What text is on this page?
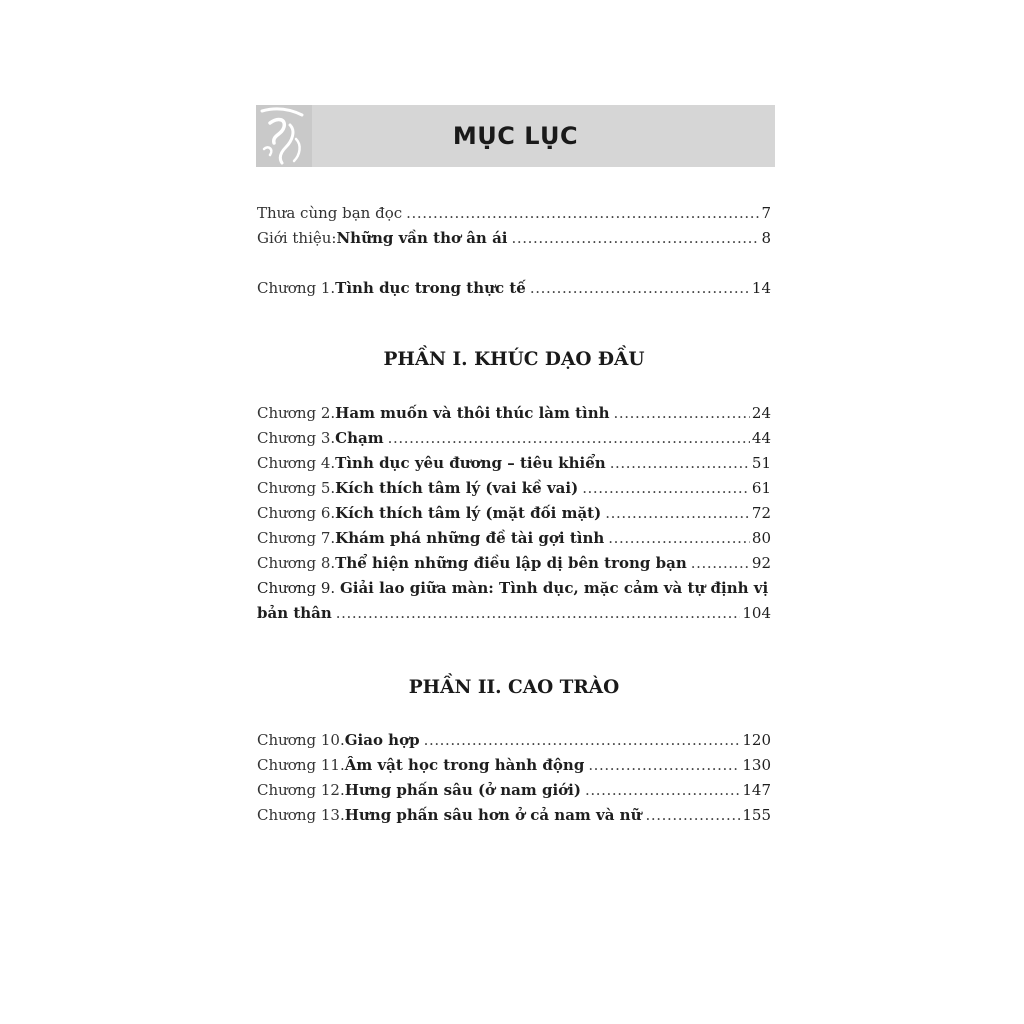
MỤC LỤC
Thưa cùng bạn đọc .....	7
Giới thiệu: Những vần thơ ân ái .....	8
Chương 1. Tình dục trong thực tế .....	14
PHẦN I. KHÚC DẠO ĐẦU
Chương 2. Ham muốn và thôi thúc làm tình .....	24
Chương 3. Chạm .....	44
Chương 4. Tình dục yêu đương – tiêu khiển .....	51
Chương 5. Kích thích tâm lý (vai kề vai) .....	61
Chương 6. Kích thích tâm lý (mặt đối mặt) .....	72
Chương 7. Khám phá những đề tài gợi tình .....	80
Chương 8. Thể hiện những điều lập dị bên trong bạn .....	92
Chương 9. Giải lao giữa màn: Tình dục, mặc cảm và tự định vị
bản thân .....	104
PHẦN II. CAO TRÀO
Chương 10. Giao hợp .....	120
Chương 11. Âm vật học trong hành động .....	130
Chương 12. Hưng phấn sâu (ở nam giới) .....	147
Chương 13. Hưng phấn sâu hơn ở cả nam và nữ .....	155
